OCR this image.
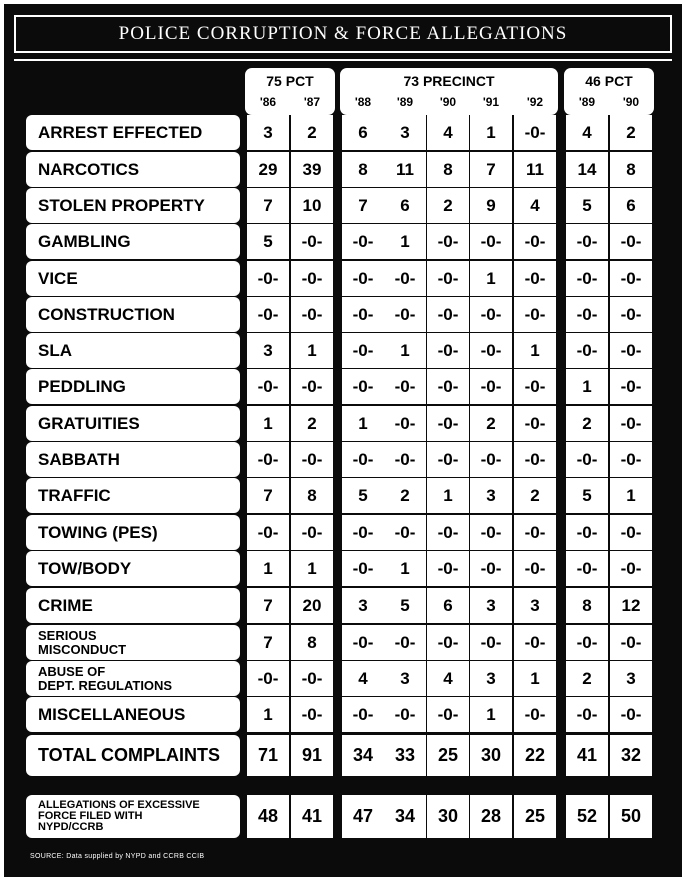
POLICE CORRUPTION & FORCE ALLEGATIONS
75 PCT
'86	'87
73 PRECINCT
'88	'89	'90	'91	'92
46 PCT
'89	'90
ARREST EFFECTED	3	2	6	3	4	1	-0-	4	2
NARCOTICS	29	39	8	11	8	7	11	14	8
STOLEN PROPERTY	7	10	7	6	2	9	4	5	6
GAMBLING	5	-0-	-0-	1	-0-	-0-	-0-	-0-	-0-
VICE	-0-	-0-	-0-	-0-	-0-	1	-0-	-0-	-0-
CONSTRUCTION	-0-	-0-	-0-	-0-	-0-	-0-	-0-	-0-	-0-
SLA	3	1	-0-	1	-0-	-0-	1	-0-	-0-
PEDDLING	-0-	-0-	-0-	-0-	-0-	-0-	-0-	1	-0-
GRATUITIES	1	2	1	-0-	-0-	2	-0-	2	-0-
SABBATH	-0-	-0-	-0-	-0-	-0-	-0-	-0-	-0-	-0-
TRAFFIC	7	8	5	2	1	3	2	5	1
TOWING (PES)	-0-	-0-	-0-	-0-	-0-	-0-	-0-	-0-	-0-
TOW/BODY	1	1	-0-	1	-0-	-0-	-0-	-0-	-0-
CRIME	7	20	3	5	6	3	3	8	12
SERIOUS
MISCONDUCT	7	8	-0-	-0-	-0-	-0-	-0-	-0-	-0-
ABUSE OF
DEPT. REGULATIONS	-0-	-0-	4	3	4	3	1	2	3
MISCELLANEOUS	1	-0-	-0-	-0-	-0-	1	-0-	-0-	-0-
TOTAL COMPLAINTS	71	91	34	33	25	30	22	41	32
ALLEGATIONS OF EXCESSIVE
FORCE FILED WITH
NYPD/CCRB
48	41	47	34	30	28	25	52	50
SOURCE: Data supplied by NYPD and CCRB CCIB
